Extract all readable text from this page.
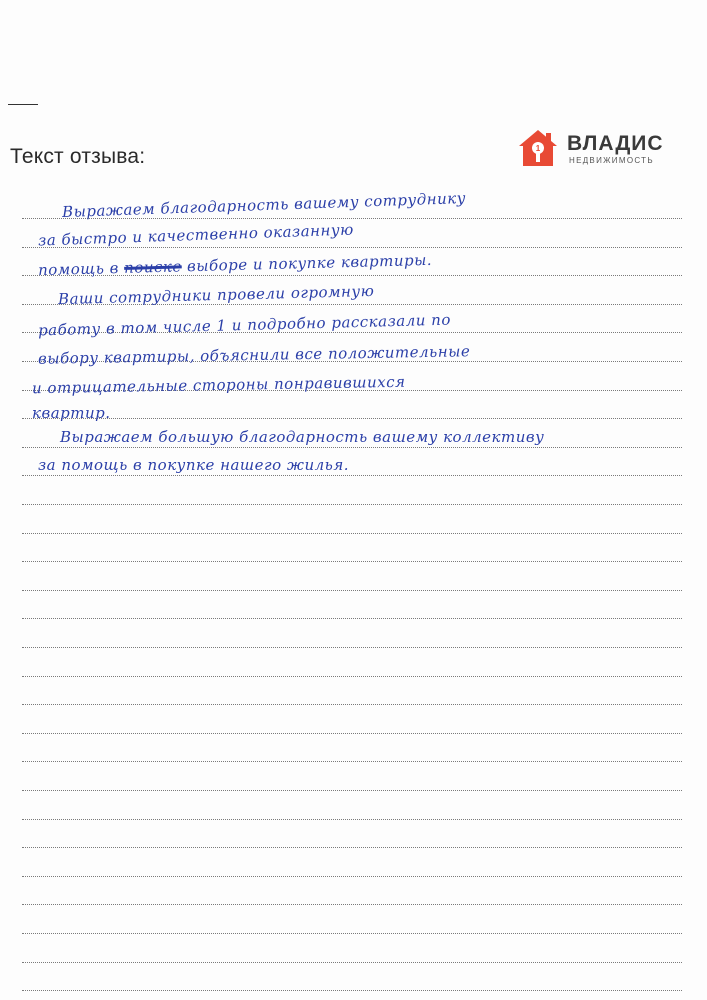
Текст отзыва:	1 ВЛАДИС
НЕДВИЖИМОСТЬ
Выражаем благодарность вашему сотруднику
за быстро и качественно оказанную
помощь в поиске выборе и покупке квартиры.
Ваши сотрудники провели огромную
работу в том числе 1 и подробно рассказали по
выбору квартиры, объяснили все положительные
и отрицательные стороны понравившихся
квартир.
Выражаем большую благодарность вашему коллективу
за помощь в покупке нашего жилья.
